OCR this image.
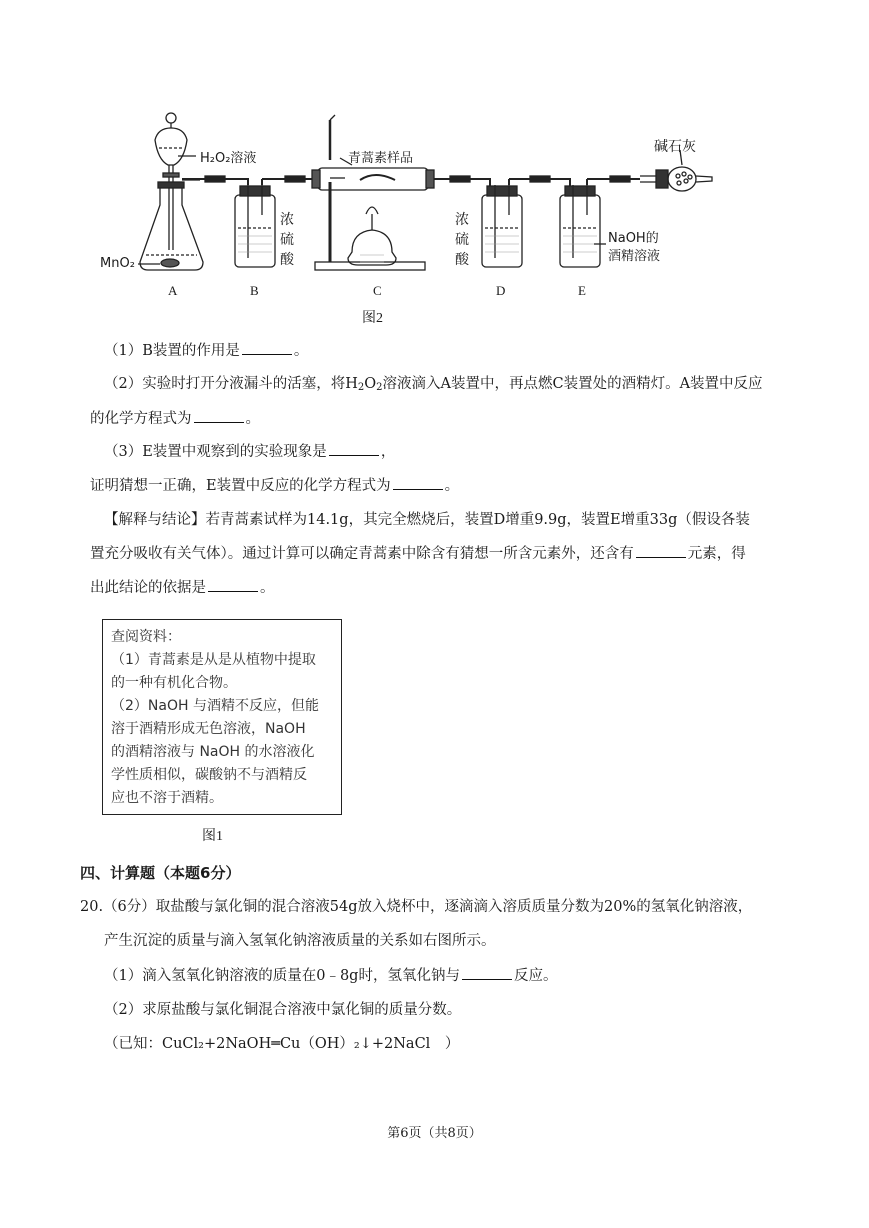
H₂O₂溶液	青蒿素样品
碱石灰
MnO₂
浓
硫
酸
浓
硫
酸
NaOH的
酒精溶液
A	B	C	D	E
图2
（1）B装置的作用是	。
（2）实验时打开分液漏斗的活塞，将$H_2O_2$溶液滴入A装置中，再点燃C装置处的酒精灯。A装置中反应
的化学方程式为	。
（3）E装置中观察到的实验现象是	，
证明猜想一正确，E装置中反应的化学方程式为	。
【解释与结论】若青蒿素试样为14.1g，其完全燃烧后，装置D增重9.9g，装置E增重33g（假设各装
置充分吸收有关气体）。通过计算可以确定青蒿素中除含有猜想一所含元素外，还含有	元素，得
出此结论的依据是	。
查阅资料：
（1）青蒿素是从是从植物中提取
的一种有机化合物。
（2）NaOH 与酒精不反应，但能
溶于酒精形成无色溶液，NaOH
的酒精溶液与 NaOH 的水溶液化
学性质相似，碳酸钠不与酒精反
应也不溶于酒精。
图1
四、计算题（本题6分）
20.（6分）取盐酸与氯化铜的混合溶液54g放入烧杯中，逐滴滴入溶质质量分数为20%的氢氧化钠溶液，
产生沉淀的质量与滴入氢氧化钠溶液质量的关系如右图所示。
（1）滴入氢氧化钠溶液的质量在0﹣8g时，氢氧化钠与	反应。
（2）求原盐酸与氯化铜混合溶液中氯化铜的质量分数。
（已知：CuCl₂+2NaOH═Cu（OH）₂↓+2NaCl　）
第6页（共8页）
